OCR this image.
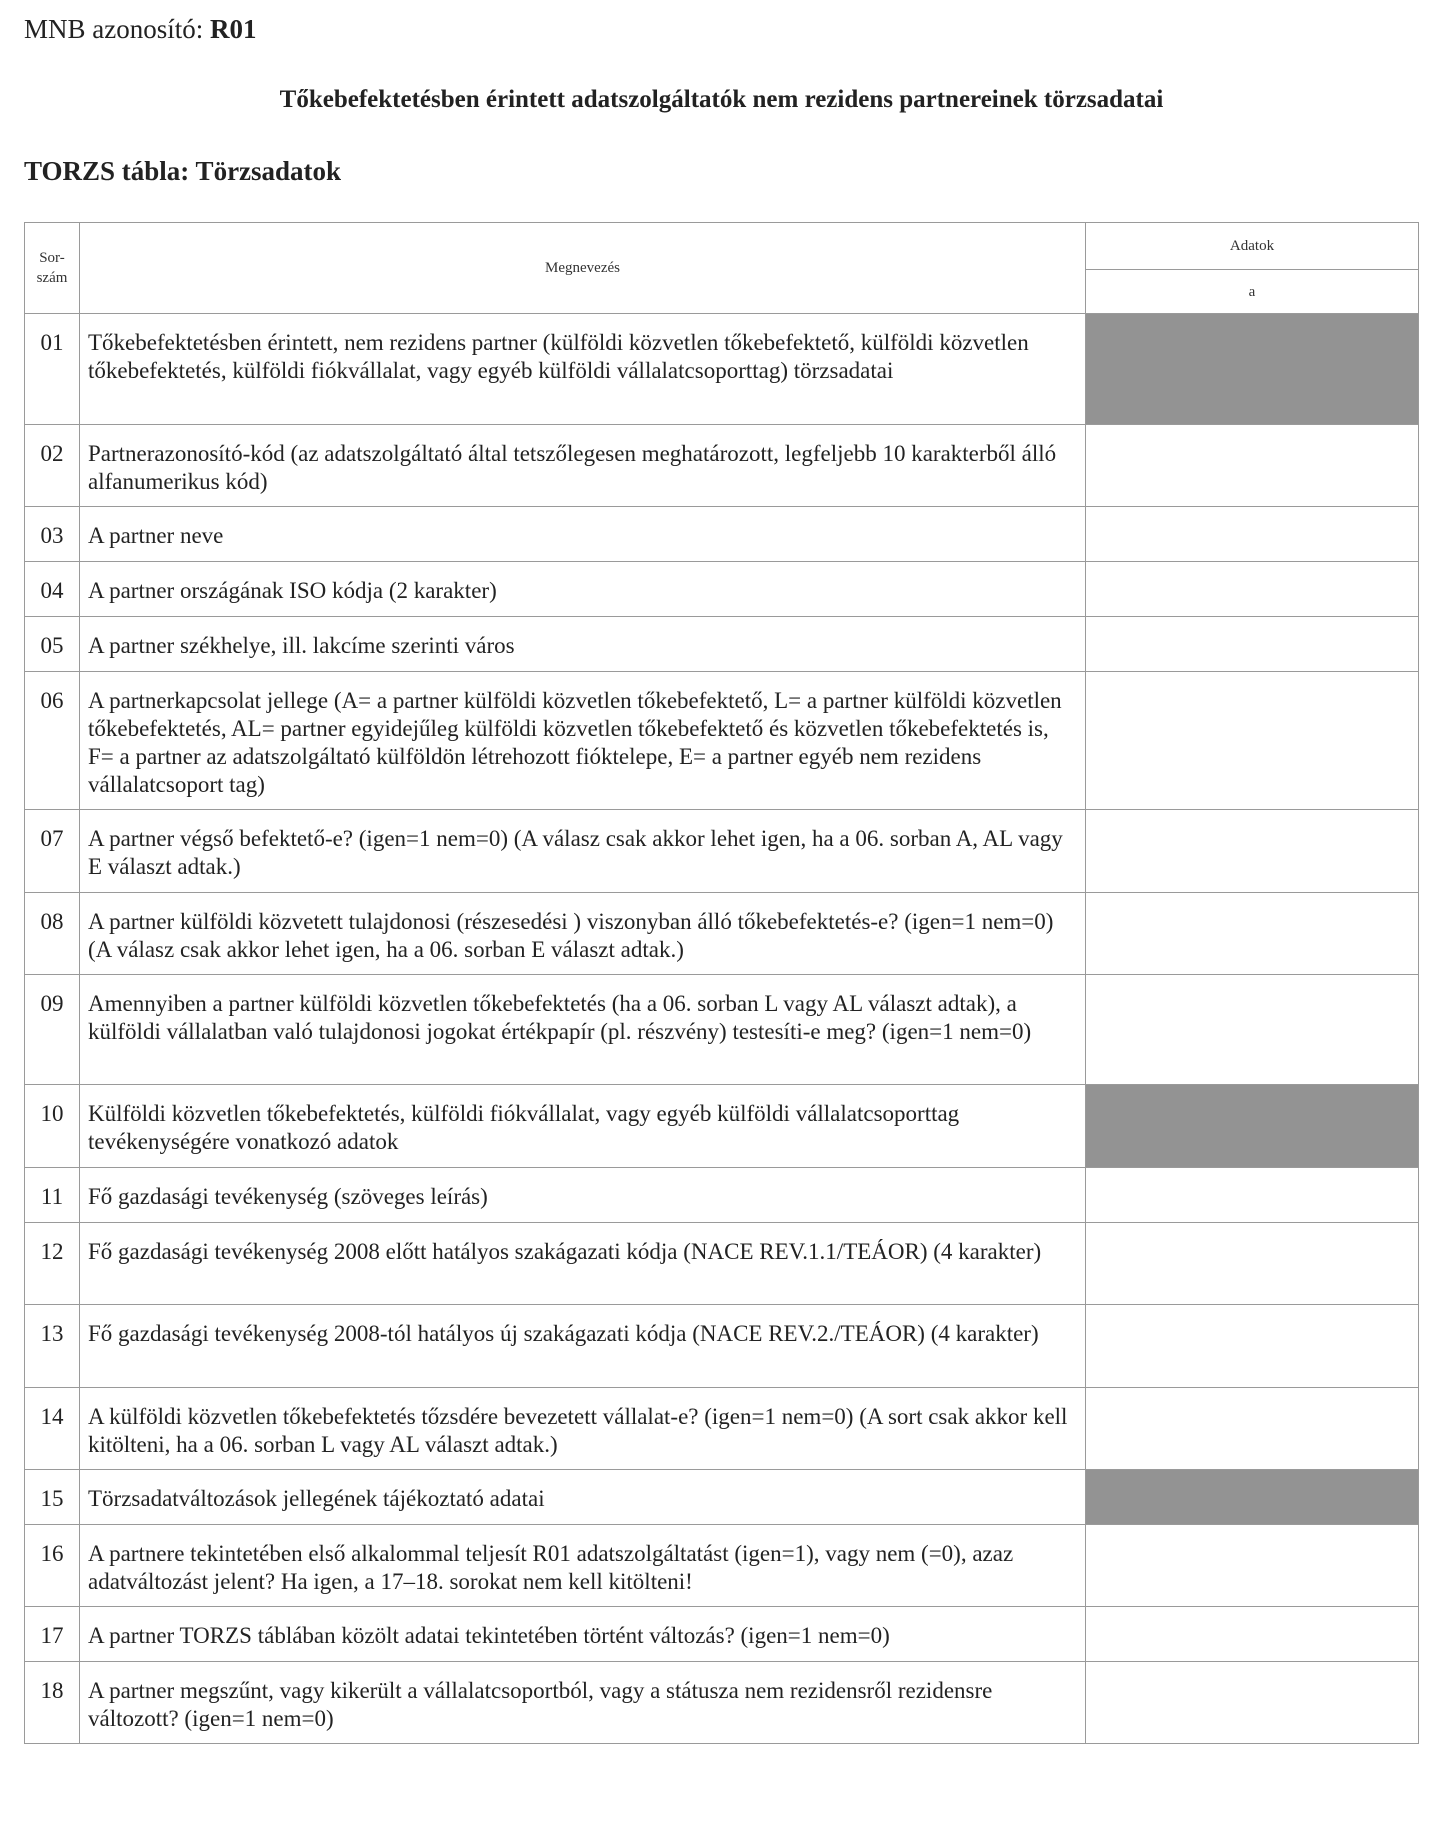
MNB azonosító: R01
Tőkebefektetésben érintett adatszolgáltatók nem rezidens partnereinek törzsadatai
TORZS tábla: Törzsadatok
Sor-szám	Megnevezés	Adatok
		a
01	Tőkebefektetésben érintett, nem rezidens partner (külföldi közvetlen tőkebefektető, külföldi közvetlen tőkebefektetés, külföldi fiókvállalat, vagy egyéb külföldi vállalatcsoporttag) törzsadatai	
02	Partnerazonosító-kód (az adatszolgáltató által tetszőlegesen meghatározott, legfeljebb 10 karakterből álló alfanumerikus kód)	
03	A partner neve	
04	A partner országának ISO kódja (2 karakter)	
05	A partner székhelye, ill. lakcíme szerinti város	
06	A partnerkapcsolat jellege (A= a partner külföldi közvetlen tőkebefektető, L= a partner külföldi közvetlen tőkebefektetés, AL= partner egyidejűleg külföldi közvetlen tőkebefektető és közvetlen tőkebefektetés is, F= a partner az adatszolgáltató külföldön létrehozott fióktelepe, E= a partner egyéb nem rezidens vállalatcsoport tag)	
07	A partner végső befektető-e? (igen=1 nem=0) (A válasz csak akkor lehet igen, ha a 06. sorban A, AL vagy E választ adtak.)	
08	A partner külföldi közvetett tulajdonosi (részesedési ) viszonyban álló tőkebefektetés-e? (igen=1 nem=0) (A válasz csak akkor lehet igen, ha a 06. sorban E választ adtak.)	
09	Amennyiben a partner külföldi közvetlen tőkebefektetés (ha a 06. sorban L vagy AL választ adtak), a külföldi vállalatban való tulajdonosi jogokat értékpapír (pl. részvény) testesíti-e meg? (igen=1 nem=0)	
10	Külföldi közvetlen tőkebefektetés, külföldi fiókvállalat, vagy egyéb külföldi vállalatcsoporttag tevékenységére vonatkozó adatok	
11	Fő gazdasági tevékenység (szöveges leírás)	
12	Fő gazdasági tevékenység 2008 előtt hatályos szakágazati kódja (NACE REV.1.1/TEÁOR) (4 karakter)	
13	Fő gazdasági tevékenység 2008-tól hatályos új szakágazati kódja (NACE REV.2./TEÁOR) (4 karakter)	
14	A külföldi közvetlen tőkebefektetés tőzsdére bevezetett vállalat-e? (igen=1 nem=0) (A sort csak akkor kell kitölteni, ha a 06. sorban L vagy AL választ adtak.)	
15	Törzsadatváltozások jellegének tájékoztató adatai	
16	A partnere tekintetében első alkalommal teljesít R01 adatszolgáltatást (igen=1), vagy nem (=0), azaz adatváltozást jelent? Ha igen, a 17–18. sorokat nem kell kitölteni!	
17	A partner TORZS táblában közölt adatai tekintetében történt változás? (igen=1 nem=0)	
18	A partner megszűnt, vagy kikerült a vállalatcsoportból, vagy a státusza nem rezidensről rezidensre változott? (igen=1 nem=0)	
